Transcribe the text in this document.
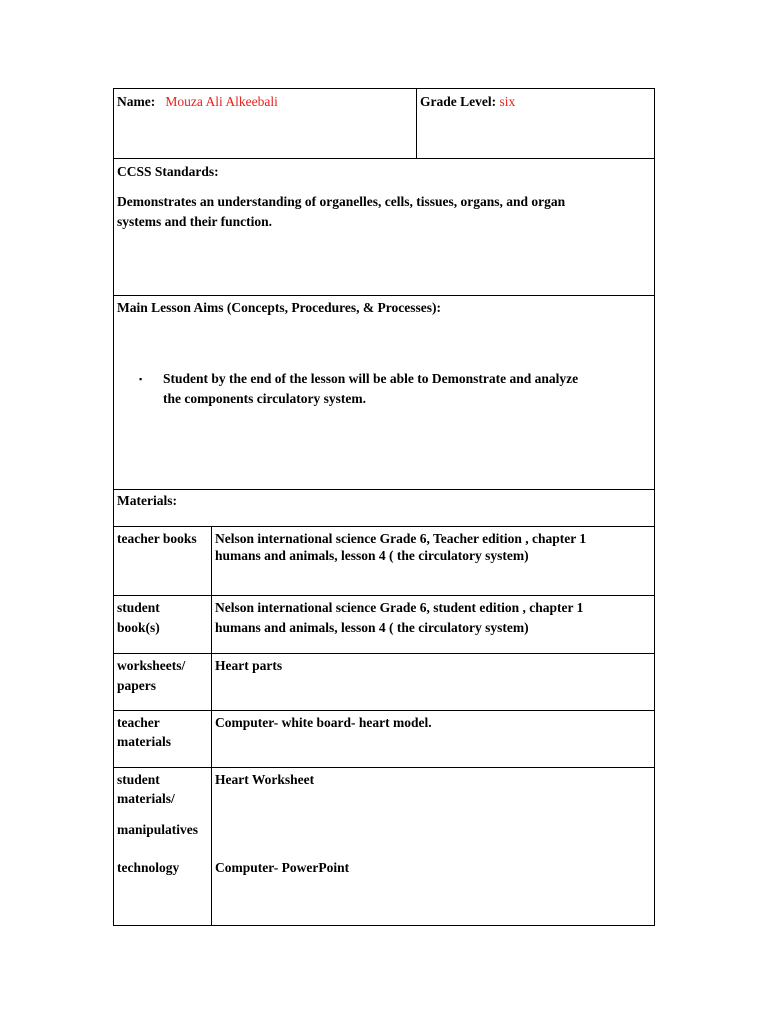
Name: Mouza Ali Alkeebali	Grade Level: six
CCSS Standards:
Demonstrates an understanding of organelles, cells, tissues, organs, and organ
systems and their function.
Main Lesson Aims (Concepts, Procedures, & Processes):
▪ Student by the end of the lesson will be able to Demonstrate and analyze
the components circulatory system.
Materials:
teacher books Nelson international science Grade 6, Teacher edition , chapter 1
humans and animals, lesson 4 ( the circulatory system)
student
book(s)
Nelson international science Grade 6, student edition , chapter 1
humans and animals, lesson 4 ( the circulatory system)
worksheets/
papers
Heart parts
teacher
materials
Computer- white board- heart model.
student
materials/
manipulatives
technology
Heart Worksheet
Computer- PowerPoint
